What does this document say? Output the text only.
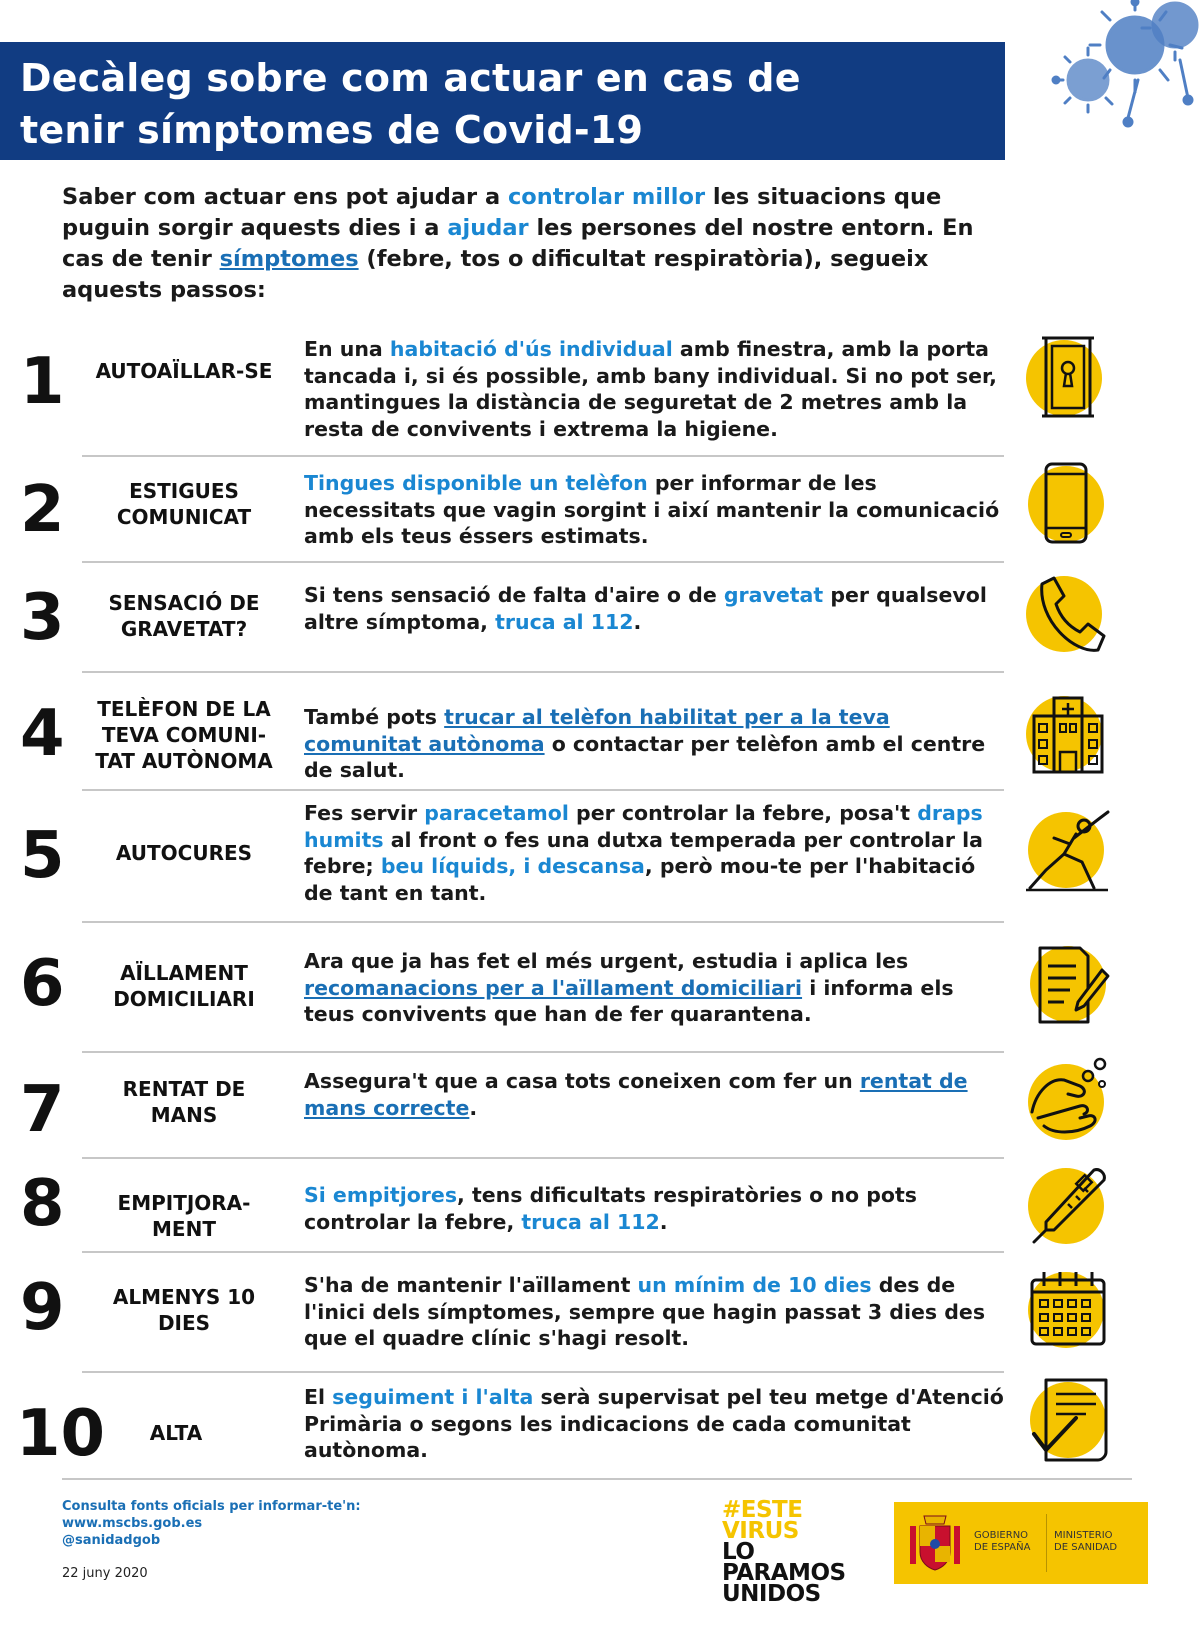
Decàleg sobre com actuar en cas de
tenir símptomes de Covid-19

Saber com actuar ens pot ajudar a controlar millor les situacions que puguin sorgir aquests dies i a ajudar les persones del nostre entorn. En cas de tenir símptomes (febre, tos o dificultat respiratòria), segueix aquests passos:

1	AUTOAÏLLAR-SE
En una habitació d'ús individual amb finestra, amb la porta tancada i, si és possible, amb bany individual. Si no pot ser, mantingues la distància de seguretat de 2 metres amb la resta de convivents i extrema la higiene.
2	ESTIGUES
COMUNICAT
Tingues disponible un telèfon per informar de les necessitats que vagin sorgint i així mantenir la comunicació amb els teus éssers estimats.
3	SENSACIÓ DE
GRAVETAT?
Si tens sensació de falta d'aire o de gravetat per qualsevol altre símptoma, truca al 112.
4	TELÈFON DE LA
TEVA COMUNI-
TAT AUTÒNOMA
També pots trucar al telèfon habilitat per a la teva comunitat autònoma o contactar per telèfon amb el centre de salut.
5	AUTOCURES
Fes servir paracetamol per controlar la febre, posa't draps humits al front o fes una dutxa temperada per controlar la febre; beu líquids, i descansa, però mou-te per l'habitació de tant en tant.
6	AÏLLAMENT
DOMICILIARI
Ara que ja has fet el més urgent, estudia i aplica les recomanacions per a l'aïllament domiciliari i informa els teus convivents que han de fer quarantena.
7	RENTAT DE
MANS
Assegura't que a casa tots coneixen com fer un rentat de mans correcte.
8	EMPITJORA-
MENT
Si empitjores, tens dificultats respiratòries o no pots controlar la febre, truca al 112.
9	ALMENYS 10
DIES
S'ha de mantenir l'aïllament un mínim de 10 dies des de l'inici dels símptomes, sempre que hagin passat 3 dies des que el quadre clínic s'hagi resolt.
10	ALTA
El seguiment i l'alta serà supervisat pel teu metge d'Atenció Primària o segons les indicacions de cada comunitat autònoma.
Consulta fonts oficials per informar-te'n:
www.mscbs.gob.es
@sanidadgob
22 juny 2020
#ESTE
VIRUS
LO
PARAMOS
UNIDOS
GOBIERNO
DE ESPAÑA
MINISTERIO
DE SANIDAD
